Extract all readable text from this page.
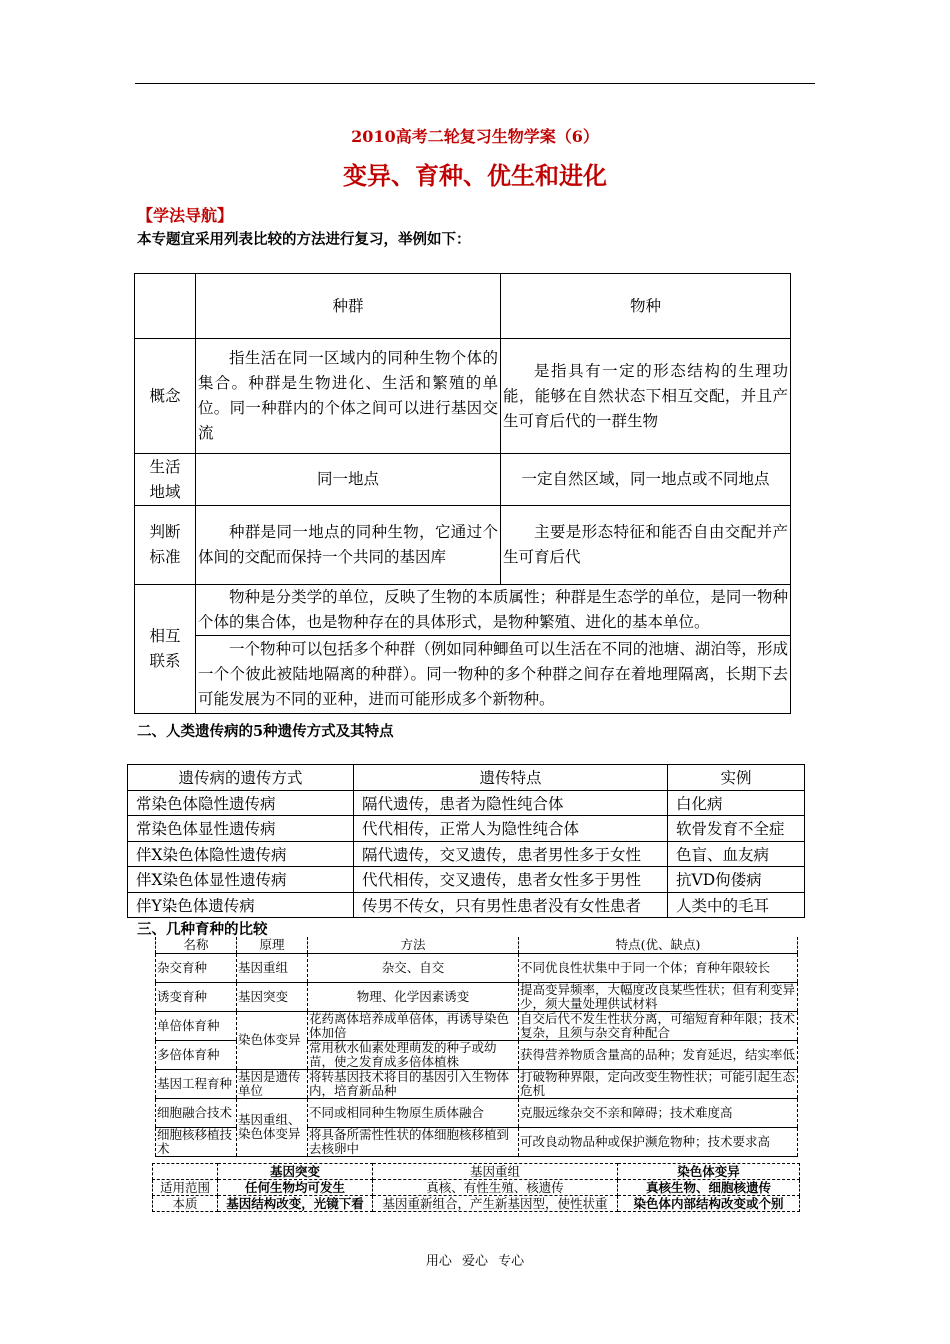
2010高考二轮复习生物学案（6）
变异、育种、优生和进化
【学法导航】
本专题宜采用列表比较的方法进行复习，举例如下：
	种群	物种
概念	指生活在同一区域内的同种生物个体的集合。种群是生物进化、生活和繁殖的单位。同一种群内的个体之间可以进行基因交流	是指具有一定的形态结构的生理功能，能够在自然状态下相互交配，并且产生可育后代的一群生物
生活地域	同一地点	一定自然区域，同一地点或不同地点
判断标准	种群是同一地点的同种生物，它通过个体间的交配而保持一个共同的基因库	主要是形态特征和能否自由交配并产生可育后代
相互联系	物种是分类学的单位，反映了生物的本质属性；种群是生态学的单位，是同一物种个体的集合体，也是物种存在的具体形式，是物种繁殖、进化的基本单位。	
	一个物种可以包括多个种群（例如同种鲫鱼可以生活在不同的池塘、湖泊等，形成一个个彼此被陆地隔离的种群）。同一物种的多个种群之间存在着地理隔离，长期下去可能发展为不同的亚种，进而可能形成多个新物种。	
二、人类遗传病的5种遗传方式及其特点
遗传病的遗传方式	遗传特点	实例
常染色体隐性遗传病	隔代遗传，患者为隐性纯合体	白化病
常染色体显性遗传病	代代相传，正常人为隐性纯合体	软骨发育不全症
伴X染色体隐性遗传病	隔代遗传，交叉遗传，患者男性多于女性	色盲、血友病
伴X染色体显性遗传病	代代相传，交叉遗传，患者女性多于男性	抗VD佝偻病
伴Y染色体遗传病	传男不传女，只有男性患者没有女性患者	人类中的毛耳
三、几种育种的比较
名称	原理	方法	特点(优、缺点)
杂交育种	基因重组	杂交、自交	不同优良性状集中于同一个体；育种年限较长
诱变育种	基因突变	物理、化学因素诱变	提高变异频率，大幅度改良某些性状；但有利变异少，须大量处理供试材料
单倍体育种	染色体变异	花药离体培养成单倍体，再诱导染色体加倍	自交后代不发生性状分离，可缩短育种年限；技术复杂，且须与杂交育种配合
多倍体育种		常用秋水仙素处理萌发的种子或幼苗，使之发育成多倍体植株	获得营养物质含量高的品种；发育延迟，结实率低
基因工程育种	基因是遗传单位	将转基因技术将目的基因引入生物体内，培育新品种	打破物种界限，定向改变生物性状；可能引起生态危机
细胞融合技术	基因重组、染色体变异	不同或相同种生物原生质体融合	克服远缘杂交不亲和障碍；技术难度高
细胞核移植技术		将具备所需性性状的体细胞核移植到去核卵中	可改良动物品种或保护濒危物种；技术要求高
	基因突变	基因重组	染色体变异
适用范围	任何生物均可发生	真核、有性生殖、核遗传	真核生物、细胞核遗传
本质	基因结构改变，光镜下看	基因重新组合，产生新基因型，使性状重	染色体内部结构改变或个别
用心 爱心 专心
